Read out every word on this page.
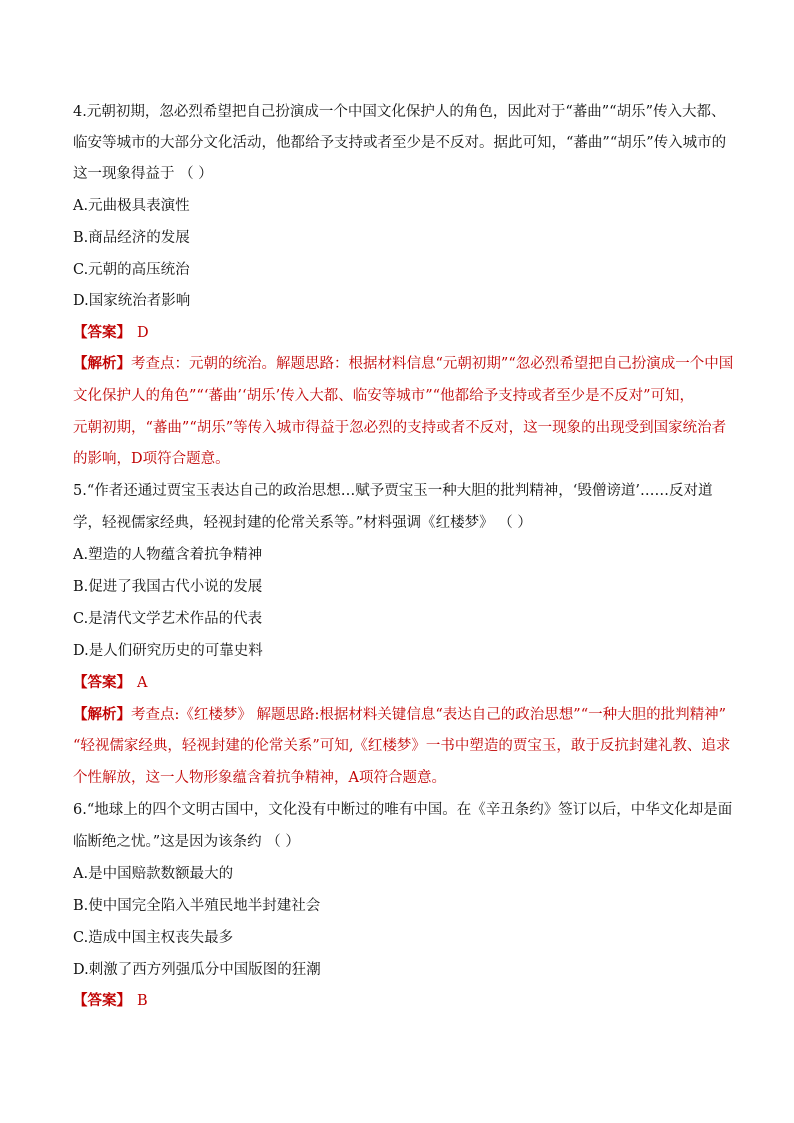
4.元朝初期，忽必烈希望把自己扮演成一个中国文化保护人的角色，因此对于“蕃曲”“胡乐”传入大都、
临安等城市的大部分文化活动，他都给予支持或者至少是不反对。据此可知，“蕃曲”“胡乐”传入城市的
这一现象得益于 （ ）
A.元曲极具表演性
B.商品经济的发展
C.元朝的高压统治
D.国家统治者影响
【答案】 D
【解析】考查点：元朝的统治。解题思路：根据材料信息“元朝初期”“忽必烈希望把自己扮演成一个中国
文化保护人的角色”“‘蕃曲’‘胡乐’传入大都、临安等城市”“他都给予支持或者至少是不反对”可知，
元朝初期，“蕃曲”“胡乐”等传入城市得益于忽必烈的支持或者不反对，这一现象的出现受到国家统治者
的影响，D项符合题意。
5.“作者还通过贾宝玉表达自己的政治思想…赋予贾宝玉一种大胆的批判精神，‘毁僧谤道’……反对道
学，轻视儒家经典，轻视封建的伦常关系等。”材料强调《红楼梦》 （ ）
A.塑造的人物蕴含着抗争精神
B.促进了我国古代小说的发展
C.是清代文学艺术作品的代表
D.是人们研究历史的可靠史料
【答案】 A
【解析】考查点:《红楼梦》 解题思路:根据材料关键信息“表达自己的政治思想”“一种大胆的批判精神”
“轻视儒家经典，轻视封建的伦常关系”可知,《红楼梦》一书中塑造的贾宝玉，敢于反抗封建礼教、追求
个性解放，这一人物形象蕴含着抗争精神，A项符合题意。
6.“地球上的四个文明古国中，文化没有中断过的唯有中国。在《辛丑条约》签订以后，中华文化却是面
临断绝之忧。”这是因为该条约 （ ）
A.是中国赔款数额最大的
B.使中国完全陷入半殖民地半封建社会
C.造成中国主权丧失最多
D.刺激了西方列强瓜分中国版图的狂潮
【答案】 B
